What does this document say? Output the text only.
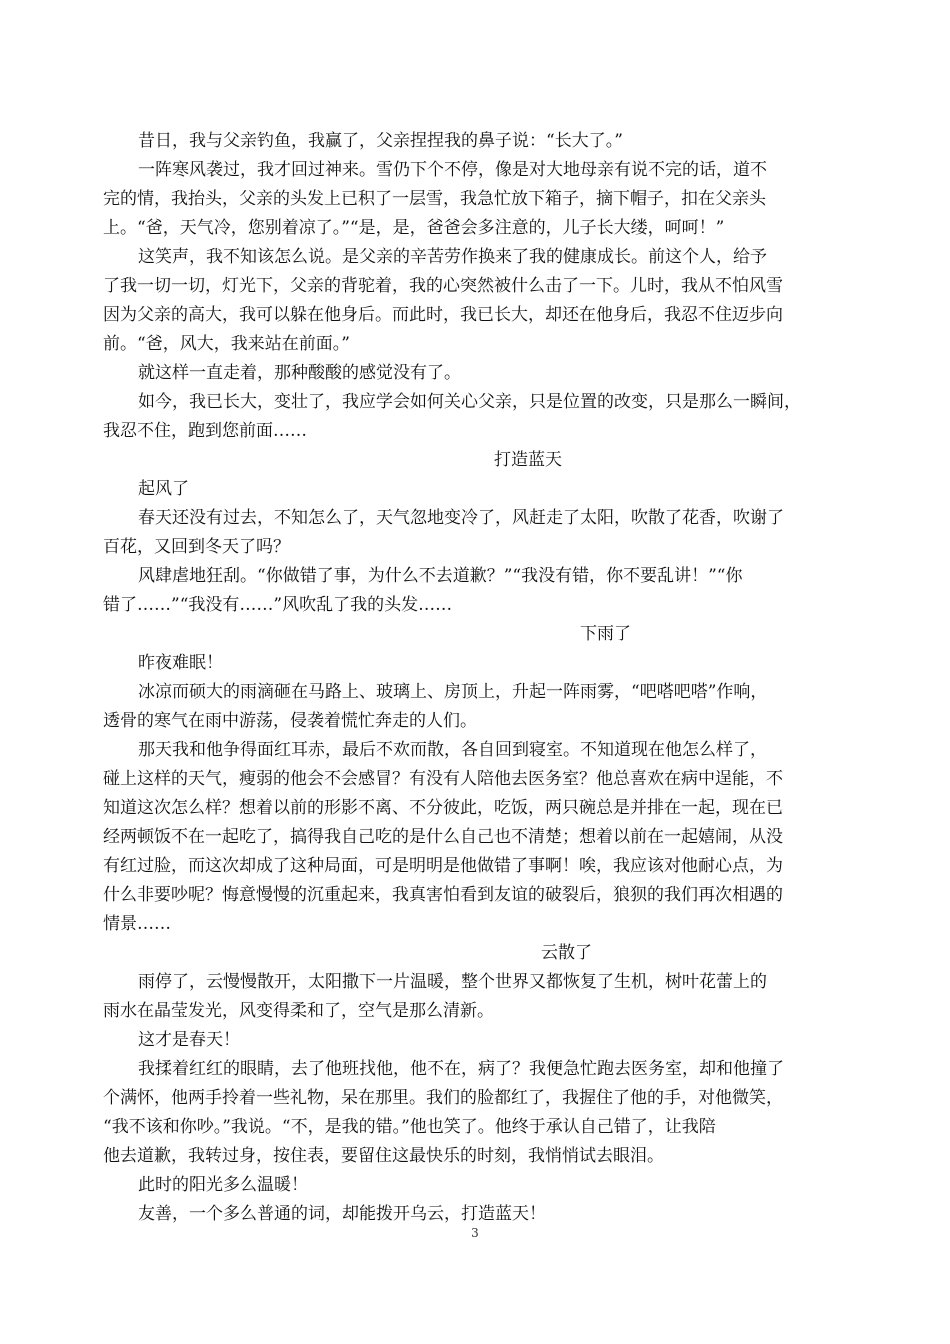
昔日，我与父亲钓鱼，我赢了，父亲捏捏我的鼻子说：“长大了。”
一阵寒风袭过，我才回过神来。雪仍下个不停，像是对大地母亲有说不完的话，道不
完的情，我抬头，父亲的头发上已积了一层雪，我急忙放下箱子，摘下帽子，扣在父亲头
上。“爸，天气冷，您别着凉了。”“是，是，爸爸会多注意的，儿子长大缕，呵呵！”
这笑声，我不知该怎么说。是父亲的辛苦劳作换来了我的健康成长。前这个人，给予
了我一切一切，灯光下，父亲的背驼着，我的心突然被什么击了一下。儿时，我从不怕风雪
因为父亲的高大，我可以躲在他身后。而此时，我已长大，却还在他身后，我忍不住迈步向
前。“爸，风大，我来站在前面。”
就这样一直走着，那种酸酸的感觉没有了。
如今，我已长大，变壮了，我应学会如何关心父亲，只是位置的改变，只是那么一瞬间，
我忍不住，跑到您前面……
打造蓝天
起风了
春天还没有过去，不知怎么了，天气忽地变冷了，风赶走了太阳，吹散了花香，吹谢了
百花，又回到冬天了吗？
风肆虐地狂刮。“你做错了事，为什么不去道歉？”“我没有错，你不要乱讲！”“你
错了……”“我没有……”风吹乱了我的头发……
下雨了
昨夜难眠！
冰凉而硕大的雨滴砸在马路上、玻璃上、房顶上，升起一阵雨雾，“吧嗒吧嗒”作响，
透骨的寒气在雨中游荡，侵袭着慌忙奔走的人们。
那天我和他争得面红耳赤，最后不欢而散，各自回到寝室。不知道现在他怎么样了，
碰上这样的天气，瘦弱的他会不会感冒？有没有人陪他去医务室？他总喜欢在病中逞能，不
知道这次怎么样？想着以前的形影不离、不分彼此，吃饭，两只碗总是并排在一起，现在已
经两顿饭不在一起吃了，搞得我自己吃的是什么自己也不清楚；想着以前在一起嬉闹，从没
有红过脸，而这次却成了这种局面，可是明明是他做错了事啊！唉，我应该对他耐心点，为
什么非要吵呢？悔意慢慢的沉重起来，我真害怕看到友谊的破裂后，狼狈的我们再次相遇的
情景……
云散了
雨停了，云慢慢散开，太阳撒下一片温暖，整个世界又都恢复了生机，树叶花蕾上的
雨水在晶莹发光，风变得柔和了，空气是那么清新。
这才是春天！
我揉着红红的眼睛，去了他班找他，他不在，病了？我便急忙跑去医务室，却和他撞了
个满怀，他两手拎着一些礼物，呆在那里。我们的脸都红了，我握住了他的手，对他微笑，
“我不该和你吵。”我说。“不，是我的错。”他也笑了。他终于承认自己错了，让我陪
他去道歉，我转过身，按住表，要留住这最快乐的时刻，我悄悄试去眼泪。
此时的阳光多么温暖！
友善，一个多么普通的词，却能拨开乌云，打造蓝天！
3
